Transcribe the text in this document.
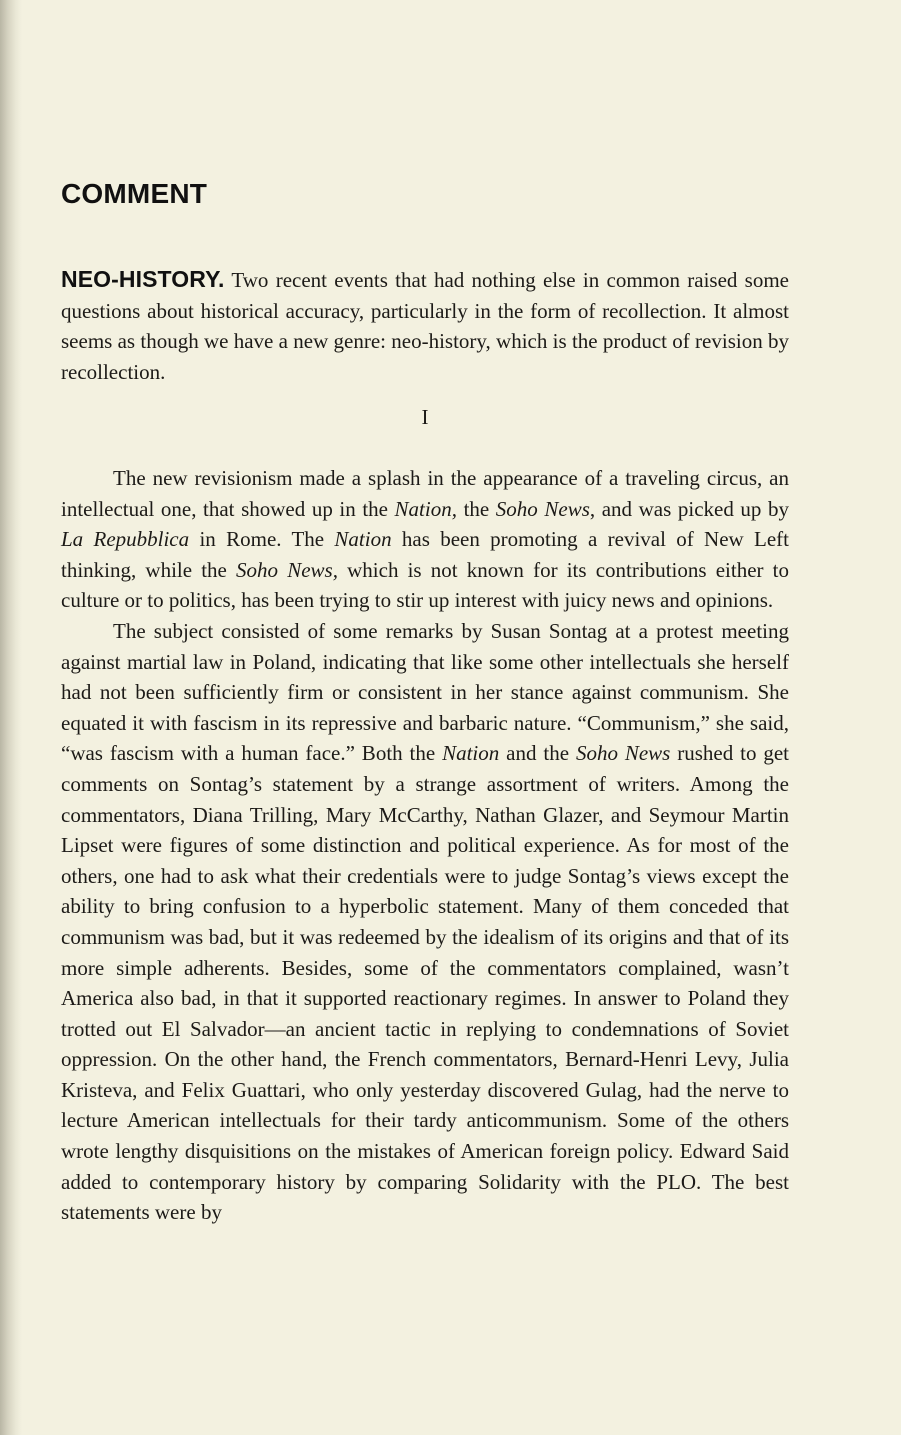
COMMENT

NEO-HISTORY. Two recent events that had nothing else in common raised some questions about historical accuracy, particularly in the form of recollection. It almost seems as though we have a new genre: neo-history, which is the product of revision by recollection.

I

The new revisionism made a splash in the appearance of a traveling circus, an intellectual one, that showed up in the Nation, the Soho News, and was picked up by La Repubblica in Rome. The Nation has been promoting a revival of New Left thinking, while the Soho News, which is not known for its contributions either to culture or to politics, has been trying to stir up interest with juicy news and opinions.

The subject consisted of some remarks by Susan Sontag at a protest meeting against martial law in Poland, indicating that like some other intellectuals she herself had not been sufficiently firm or consistent in her stance against communism. She equated it with fascism in its repressive and barbaric nature. “Communism,” she said, “was fascism with a human face.” Both the Nation and the Soho News rushed to get comments on Sontag’s statement by a strange assortment of writers. Among the commentators, Diana Trilling, Mary McCarthy, Nathan Glazer, and Seymour Martin Lipset were figures of some distinction and political experience. As for most of the others, one had to ask what their credentials were to judge Sontag’s views except the ability to bring confusion to a hyperbolic statement. Many of them conceded that communism was bad, but it was redeemed by the idealism of its origins and that of its more simple adherents. Besides, some of the commentators complained, wasn’t America also bad, in that it supported reactionary regimes. In answer to Poland they trotted out El Salvador—an ancient tactic in replying to condemnations of Soviet oppression. On the other hand, the French commentators, Bernard-Henri Levy, Julia Kristeva, and Felix Guattari, who only yesterday discovered Gulag, had the nerve to lecture American intellectuals for their tardy anticommunism. Some of the others wrote lengthy disquisitions on the mistakes of American foreign policy. Edward Said added to contemporary history by comparing Solidarity with the PLO. The best statements were by
